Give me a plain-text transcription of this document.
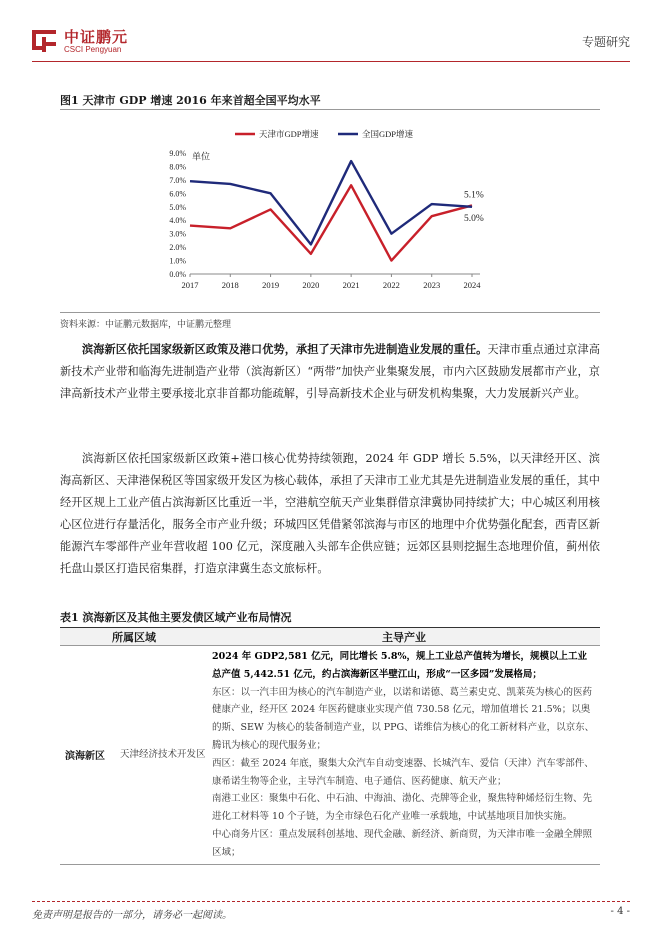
中证鹏元
CSCI Pengyuan
专题研究
图1 天津市 GDP 增速 2016 年来首超全国平均水平
天津市GDP增速	全国GDP增速
0.0%
1.0%
2.0%
3.0%
4.0%
5.0%
6.0%
7.0%
8.0%
9.0% 单位
2017	2018	2019	2020	2021	2022	2023	2024
5.1%
5.0%
资料来源：中证鹏元数据库，中证鹏元整理

滨海新区依托国家级新区政策及港口优势，承担了天津市先进制造业发展的重任。天津市重点通过京津高新技术产业带和临海先进制造产业带（滨海新区）“两带”加快产业集聚发展，市内六区鼓励发展都市产业，京津高新技术产业带主要承接北京非首都功能疏解，引导高新技术企业与研发机构集聚，大力发展新兴产业。

滨海新区依托国家级新区政策+港口核心优势持续领跑，2024 年 GDP 增长 5.5%，以天津经开区、滨海高新区、天津港保税区等国家级开发区为核心载体，承担了天津市工业尤其是先进制造业发展的重任，其中经开区规上工业产值占滨海新区比重近一半，空港航空航天产业集群借京津冀协同持续扩大；中心城区利用核心区位进行存量活化，服务全市产业升级；环城四区凭借紧邻滨海与市区的地理中介优势强化配套，西青区新能源汽车零部件产业年营收超 100 亿元，深度融入头部车企供应链；远郊区县则挖掘生态地理价值，蓟州依托盘山景区打造民宿集群，打造京津冀生态文旅标杆。

表1 滨海新区及其他主要发债区域产业布局情况
所属区域		主导产业
滨海新区	天津经济技术开发区	2024 年 GDP2,581 亿元，同比增长 5.8%，规上工业总产值转为增长，规模以上工业总产值 5,442.51 亿元，约占滨海新区半壁江山，形成“一区多园”发展格局；
东区：以一汽丰田为核心的汽车制造产业，以诺和诺德、葛兰素史克、凯莱英为核心的医药健康产业，经开区 2024 年医药健康业实现产值 730.58 亿元，增加值增长 21.5%；以奥的斯、SEW 为核心的装备制造产业，以 PPG、诺维信为核心的化工新材料产业，以京东、腾讯为核心的现代服务业；
西区：截至 2024 年底，聚集大众汽车自动变速器、长城汽车、爱信（天津）汽车零部件、康希诺生物等企业，主导汽车制造、电子通信、医药健康、航天产业；
南港工业区：聚集中石化、中石油、中海油、渤化、壳牌等企业，聚焦特种烯烃衍生物、先进化工材料等 10 个子链，为全市绿色石化产业唯一承载地，中试基地项目加快实施。
中心商务片区：重点发展科创基地、现代金融、新经济、新商贸，为天津市唯一金融全牌照区域；
免责声明是报告的一部分，请务必一起阅读。	- 4 -
